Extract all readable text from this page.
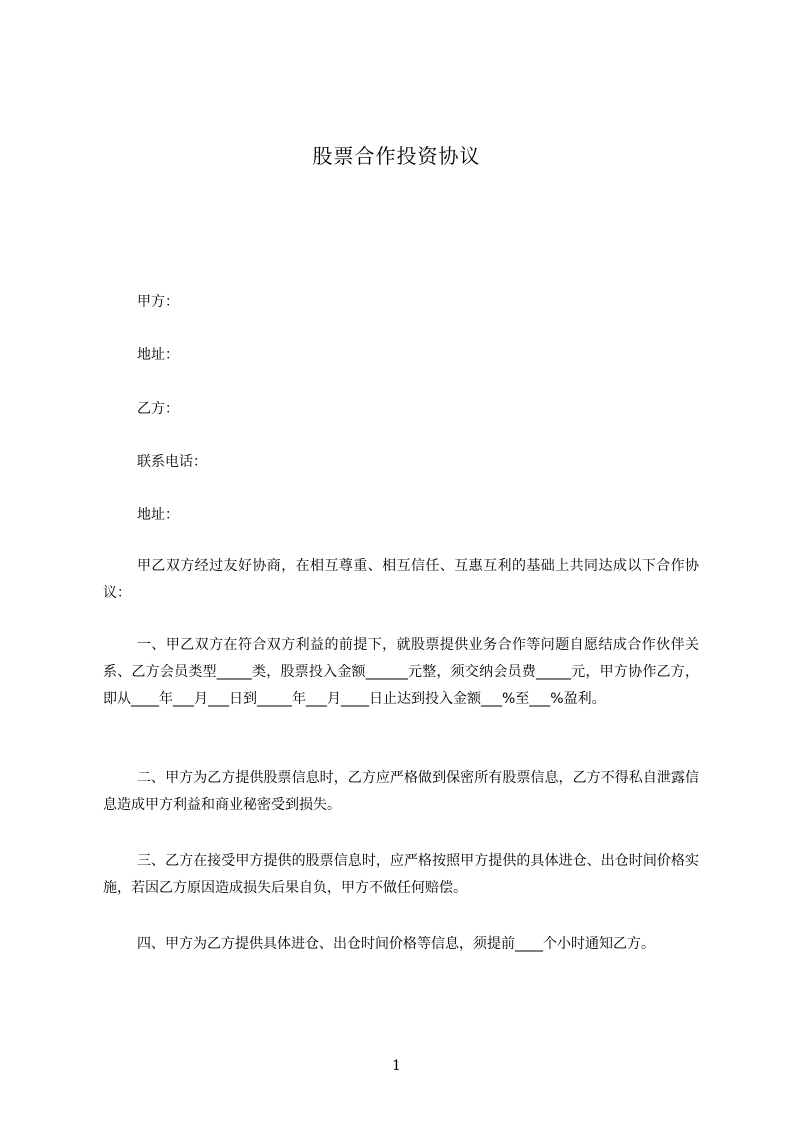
股票合作投资协议
甲方：
地址：
乙方：
联系电话：
地址：
甲乙双方经过友好协商，在相互尊重、相互信任、互惠互利的基础上共同达成以下合作协议：
一、甲乙双方在符合双方利益的前提下，就股票提供业务合作等问题自愿结成合作伙伴关系、乙方会员类型_____类，股票投入金额______元整，须交纳会员费_____元，甲方协作乙方，即从____年___月___日到_____年___月____日止达到投入金额___%至___%盈利。
二、甲方为乙方提供股票信息时，乙方应严格做到保密所有股票信息，乙方不得私自泄露信息造成甲方利益和商业秘密受到损失。
三、乙方在接受甲方提供的股票信息时，应严格按照甲方提供的具体进仓、出仓时间价格实施，若因乙方原因造成损失后果自负，甲方不做任何赔偿。
四、甲方为乙方提供具体进仓、出仓时间价格等信息，须提前____个小时通知乙方。
1
